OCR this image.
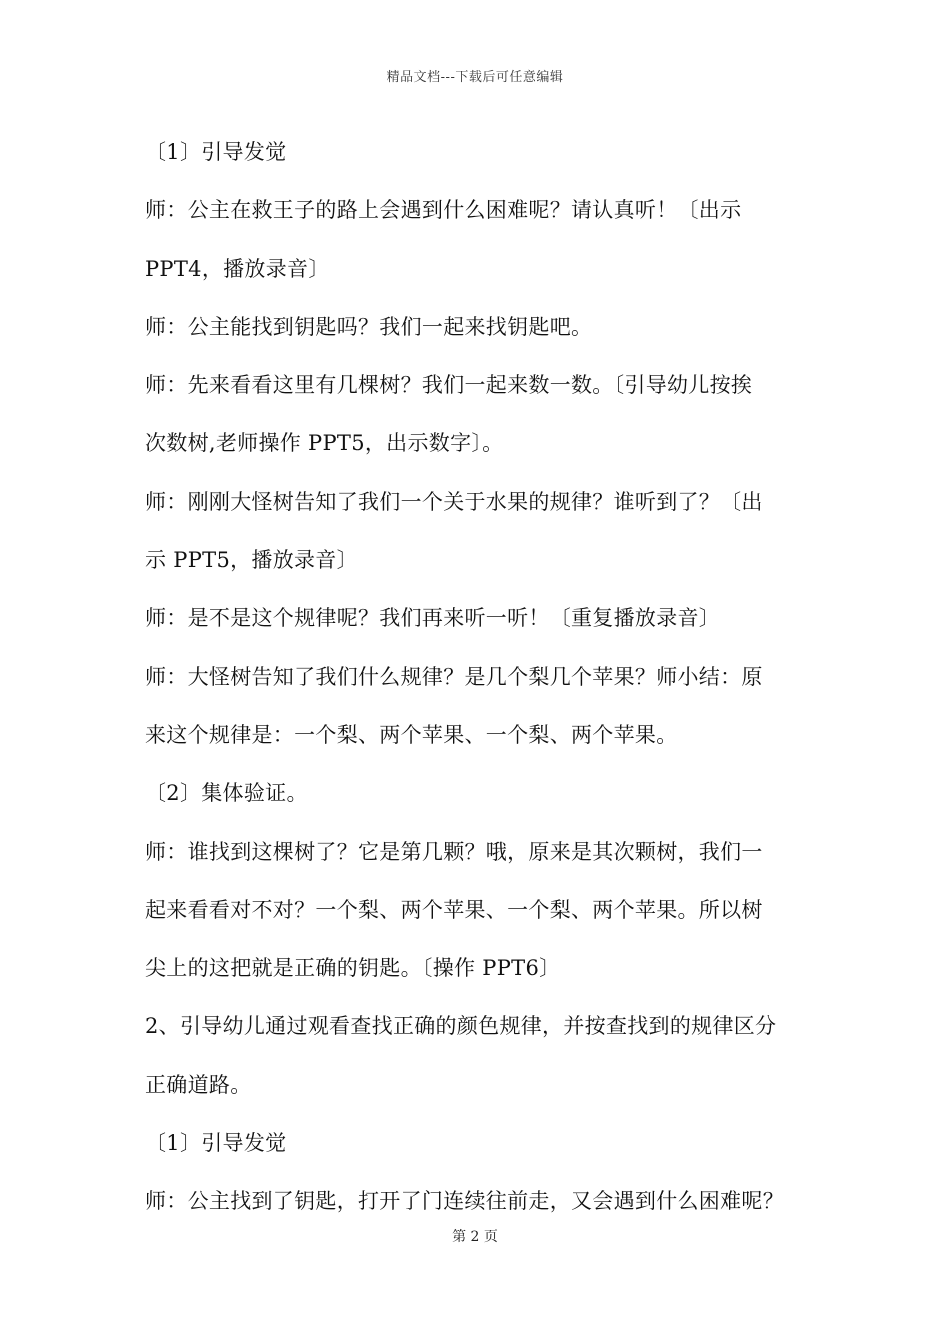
精品文档---下载后可任意编辑
〔1〕引导发觉
师：公主在救王子的路上会遇到什么困难呢？请认真听！〔出示
PPT4，播放录音〕
师：公主能找到钥匙吗？我们一起来找钥匙吧。
师：先来看看这里有几棵树？我们一起来数一数。〔引导幼儿按挨
次数树,老师操作 PPT5，出示数字〕。
师：刚刚大怪树告知了我们一个关于水果的规律？谁听到了？〔出
示 PPT5，播放录音〕
师：是不是这个规律呢？我们再来听一听！〔重复播放录音〕
师：大怪树告知了我们什么规律？是几个梨几个苹果？师小结：原
来这个规律是：一个梨、两个苹果、一个梨、两个苹果。
〔2〕集体验证。
师：谁找到这棵树了？它是第几颗？哦，原来是其次颗树，我们一
起来看看对不对？一个梨、两个苹果、一个梨、两个苹果。所以树
尖上的这把就是正确的钥匙。〔操作 PPT6〕
2、引导幼儿通过观看查找正确的颜色规律，并按查找到的规律区分
正确道路。
〔1〕引导发觉
师：公主找到了钥匙，打开了门连续往前走，又会遇到什么困难呢？
第 2 页
